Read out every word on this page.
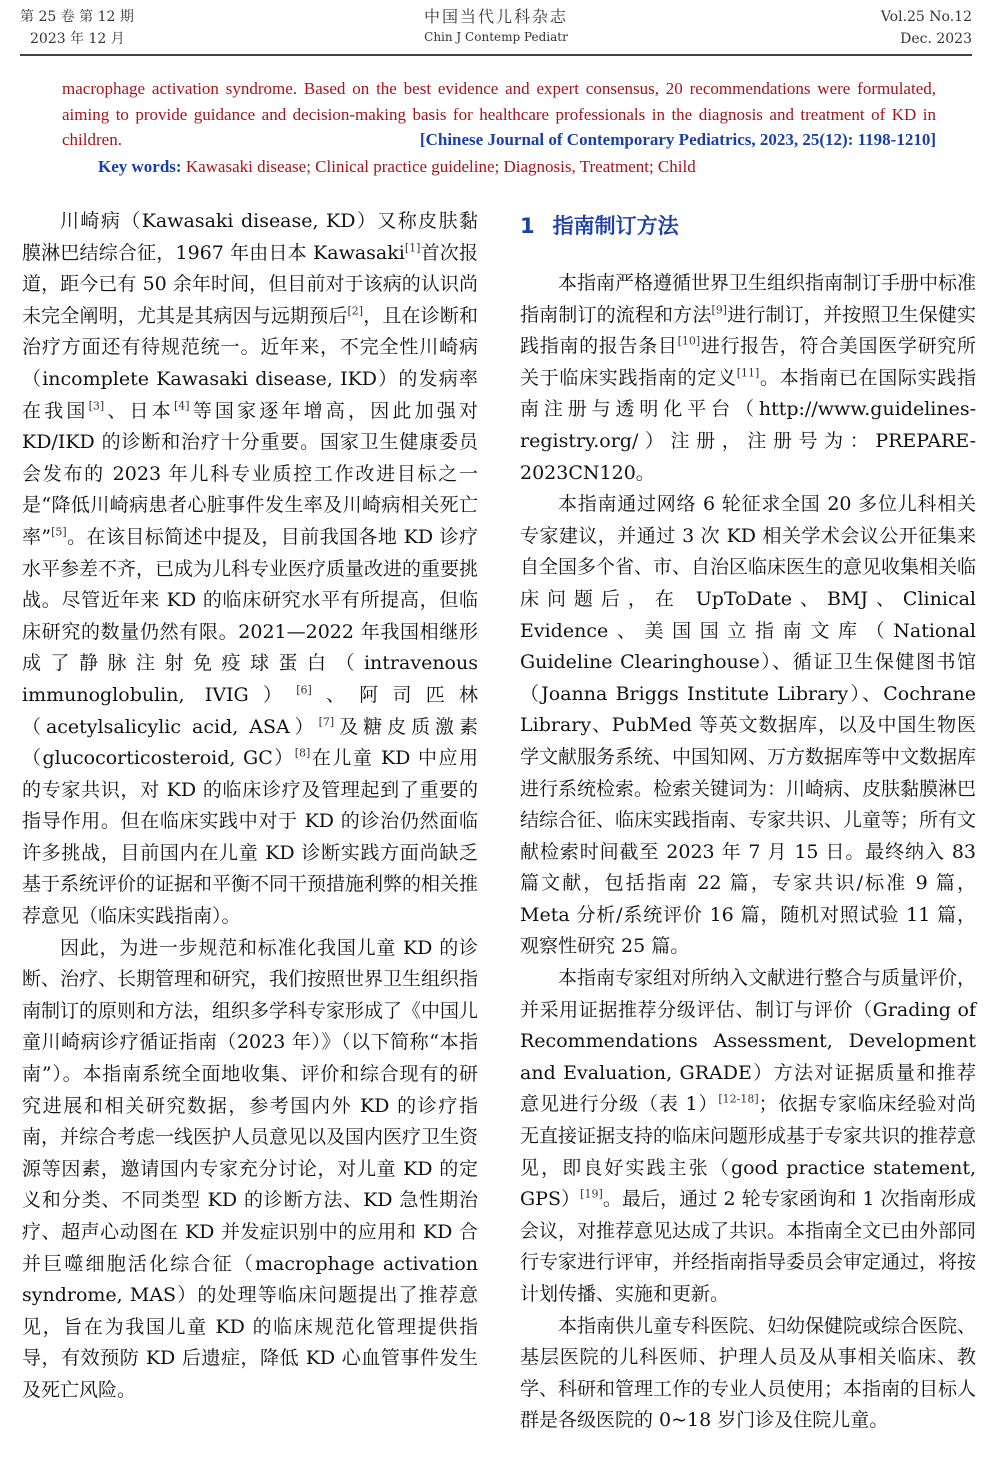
第 25 卷 第 12 期
2023 年 12 月
中国当代儿科杂志
Chin J Contemp Pediatr
Vol.25 No.12
Dec. 2023
macrophage activation syndrome. Based on the best evidence and expert consensus, 20 recommendations were formulated, aiming to provide guidance and decision-making basis for healthcare professionals in the diagnosis and treatment of KD in children.	[Chinese Journal of Contemporary Pediatrics, 2023, 25(12): 1198-1210]
Key words: Kawasaki disease; Clinical practice guideline; Diagnosis, Treatment; Child

川崎病（Kawasaki disease, KD）又称皮肤黏膜淋巴结综合征，1967 年由日本 Kawasaki[1]首次报道，距今已有 50 余年时间，但目前对于该病的认识尚未完全阐明，尤其是其病因与远期预后[2]，且在诊断和治疗方面还有待规范统一。近年来，不完全性川崎病（incomplete Kawasaki disease, IKD）的发病率在我国[3]、日本[4]等国家逐年增高，因此加强对 KD/IKD 的诊断和治疗十分重要。国家卫生健康委员会发布的 2023 年儿科专业质控工作改进目标之一是“降低川崎病患者心脏事件发生率及川崎病相关死亡率”[5]。在该目标简述中提及，目前我国各地 KD 诊疗水平参差不齐，已成为儿科专业医疗质量改进的重要挑战。尽管近年来 KD 的临床研究水平有所提高，但临床研究的数量仍然有限。2021—2022 年我国相继形成了静脉注射免疫球蛋白（intravenous immunoglobulin, IVIG）[6]、阿司匹林（acetylsalicylic acid, ASA）[7]及糖皮质激素（glucocorticosteroid, GC）[8]在儿童 KD 中应用的专家共识，对 KD 的临床诊疗及管理起到了重要的指导作用。但在临床实践中对于 KD 的诊治仍然面临许多挑战，目前国内在儿童 KD 诊断实践方面尚缺乏基于系统评价的证据和平衡不同干预措施利弊的相关推荐意见（临床实践指南）。

因此，为进一步规范和标准化我国儿童 KD 的诊断、治疗、长期管理和研究，我们按照世界卫生组织指南制订的原则和方法，组织多学科专家形成了《中国儿童川崎病诊疗循证指南（2023 年）》（以下简称“本指南”）。本指南系统全面地收集、评价和综合现有的研究进展和相关研究数据，参考国内外 KD 的诊疗指南，并综合考虑一线医护人员意见以及国内医疗卫生资源等因素，邀请国内专家充分讨论，对儿童 KD 的定义和分类、不同类型 KD 的诊断方法、KD 急性期治疗、超声心动图在 KD 并发症识别中的应用和 KD 合并巨噬细胞活化综合征（macrophage activation syndrome, MAS）的处理等临床问题提出了推荐意见，旨在为我国儿童 KD 的临床规范化管理提供指导，有效预防 KD 后遗症，降低 KD 心血管事件发生及死亡风险。

1 指南制订方法

本指南严格遵循世界卫生组织指南制订手册中标准指南制订的流程和方法[9]进行制订，并按照卫生保健实践指南的报告条目[10]进行报告，符合美国医学研究所关于临床实践指南的定义[11]。本指南已在国际实践指南注册与透明化平台（http://www.guidelines-registry.org/）注册，注册号为：PREPARE-2023CN120。

本指南通过网络 6 轮征求全国 20 多位儿科相关专家建议，并通过 3 次 KD 相关学术会议公开征集来自全国多个省、市、自治区临床医生的意见收集相关临床问题后，在 UpToDate、BMJ、Clinical Evidence、美国国立指南文库（National Guideline Clearinghouse）、循证卫生保健图书馆（Joanna Briggs Institute Library）、Cochrane Library、PubMed 等英文数据库，以及中国生物医学文献服务系统、中国知网、万方数据库等中文数据库进行系统检索。检索关键词为：川崎病、皮肤黏膜淋巴结综合征、临床实践指南、专家共识、儿童等；所有文献检索时间截至 2023 年 7 月 15 日。最终纳入 83 篇文献，包括指南 22 篇，专家共识/标准 9 篇，Meta 分析/系统评价 16 篇，随机对照试验 11 篇，观察性研究 25 篇。

本指南专家组对所纳入文献进行整合与质量评价，并采用证据推荐分级评估、制订与评价（Grading of Recommendations Assessment, Development and Evaluation, GRADE）方法对证据质量和推荐意见进行分级（表 1）[12-18]；依据专家临床经验对尚无直接证据支持的临床问题形成基于专家共识的推荐意见，即良好实践主张（good practice statement, GPS）[19]。最后，通过 2 轮专家函询和 1 次指南形成会议，对推荐意见达成了共识。本指南全文已由外部同行专家进行评审，并经指南指导委员会审定通过，将按计划传播、实施和更新。

本指南供儿童专科医院、妇幼保健院或综合医院、基层医院的儿科医师、护理人员及从事相关临床、教学、科研和管理工作的专业人员使用；本指南的目标人群是各级医院的 0~18 岁门诊及住院儿童。
